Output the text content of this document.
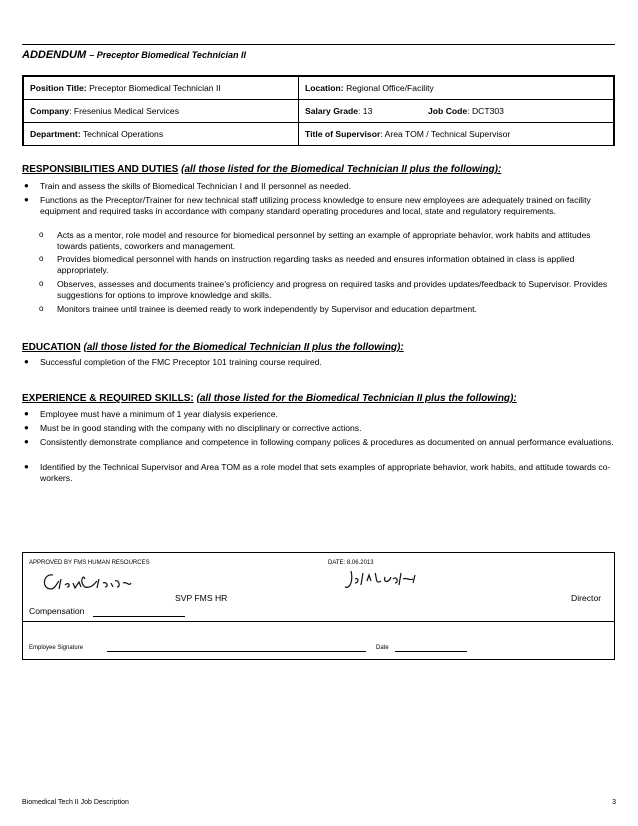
ADDENDUM – Preceptor Biomedical Technician II
Position Title: Preceptor Biomedical Technician II	Location: Regional Office/Facility
Company: Fresenius Medical Services	Salary Grade: 13 Job Code: DCT303
Department: Technical Operations	Title of Supervisor: Area TOM / Technical Supervisor
RESPONSIBILITIES AND DUTIES (all those listed for the Biomedical Technician II plus the following):
●	Train and assess the skills of Biomedical Technician I and II personnel as needed.
●	Functions as the Preceptor/Trainer for new technical staff utilizing process knowledge to ensure new employees are adequately trained on facility equipment and required tasks in accordance with company standard operating procedures and local, state and regulatory requirements.
o Acts as a mentor, role model and resource for biomedical personnel by setting an example of appropriate behavior, work habits and attitudes towards patients, coworkers and management.
o Provides biomedical personnel with hands on instruction regarding tasks as needed and ensures information obtained in class is applied appropriately.
o Observes, assesses and documents trainee’s proficiency and progress on required tasks and provides updates/feedback to Supervisor. Provides suggestions for options to improve knowledge and skills.
o Monitors trainee until trainee is deemed ready to work independently by Supervisor and education department.
EDUCATION (all those listed for the Biomedical Technician II plus the following):
●	Successful completion of the FMC Preceptor 101 training course required.
EXPERIENCE & REQUIRED SKILLS: (all those listed for the Biomedical Technician II plus the following):
●	Employee must have a minimum of 1 year dialysis experience.
●	Must be in good standing with the company with no disciplinary or corrective actions.
●	Consistently demonstrate compliance and competence in following company polices & procedures as documented on annual performance evaluations.
●	Identified by the Technical Supervisor and Area TOM as a role model that sets examples of appropriate behavior, work habits, and attitude towards co-workers.
APPROVED BY FMS HUMAN RESOURCES	DATE: 8.06.2013
SVP FMS HR	Director
Compensation
Employee Signature	Date
Biomedical Tech II Job Description	3
